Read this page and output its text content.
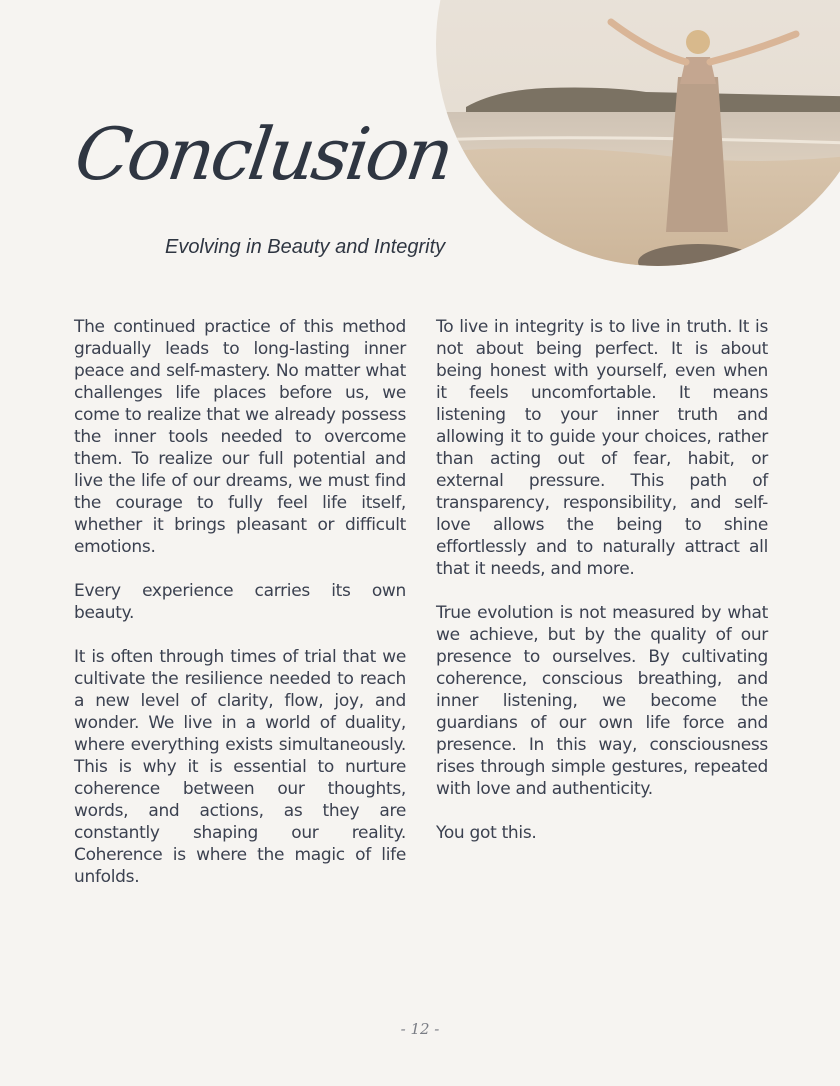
Conclusion
Evolving in Beauty and Integrity

The continued practice of this method gradually leads to long-lasting inner peace and self-mastery. No matter what challenges life places before us, we come to realize that we already possess the inner tools needed to overcome them. To realize our full potential and live the life of our dreams, we must find the courage to fully feel life itself, whether it brings pleasant or difficult emotions.

Every experience carries its own beauty.

It is often through times of trial that we cultivate the resilience needed to reach a new level of clarity, flow, joy, and wonder. We live in a world of duality, where everything exists simultaneously. This is why it is essential to nurture coherence between our thoughts, words, and actions, as they are constantly shaping our reality. Coherence is where the magic of life unfolds.

To live in integrity is to live in truth. It is not about being perfect. It is about being honest with yourself, even when it feels uncomfortable. It means listening to your inner truth and allowing it to guide your choices, rather than acting out of fear, habit, or external pressure. This path of transparency, responsibility, and self-love allows the being to shine effortlessly and to naturally attract all that it needs, and more.

True evolution is not measured by what we achieve, but by the quality of our presence to ourselves. By cultivating coherence, conscious breathing, and inner listening, we become the guardians of our own life force and presence. In this way, consciousness rises through simple gestures, repeated with love and authenticity.

You got this.

- 12 -
